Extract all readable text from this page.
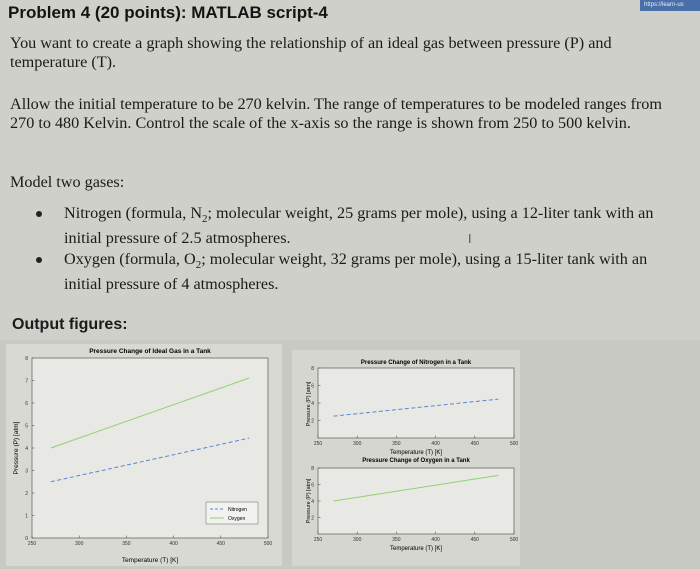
https://learn-us
Problem 4 (20 points): MATLAB script-4
You want to create a graph showing the relationship of an ideal gas between pressure (P) and temperature (T).
Allow the initial temperature to be 270 kelvin. The range of temperatures to be modeled ranges from 270 to 480 Kelvin. Control the scale of the x-axis so the range is shown from 250 to 500 kelvin.
Model two gases:
Nitrogen (formula, $N_2$; molecular weight, 25 grams per mole), using a 12-liter tank with an initial pressure of 2.5 atmospheres.
Oxygen (formula, $O_2$; molecular weight, 32 grams per mole), using a 15-liter tank with an initial pressure of 4 atmospheres.
I
Output figures:
Pressure Change of Ideal Gas in a Tank
Temperature (T) [K]
Pressure (P) [atm]
250	300	350	400	450	500
0
1
2
3
4
5
6
7
8
Nitrogen
Oxygen
Pressure Change of Nitrogen in a Tank
Temperature (T) [K]
Pressure (P) [atm]
250	300	350	400	450	500
2
4
6
8
Pressure Change of Oxygen in a Tank
Temperature (T) [K]
Pressure (P) [atm]
250	300	350	400	450	500
2
4
6
8
